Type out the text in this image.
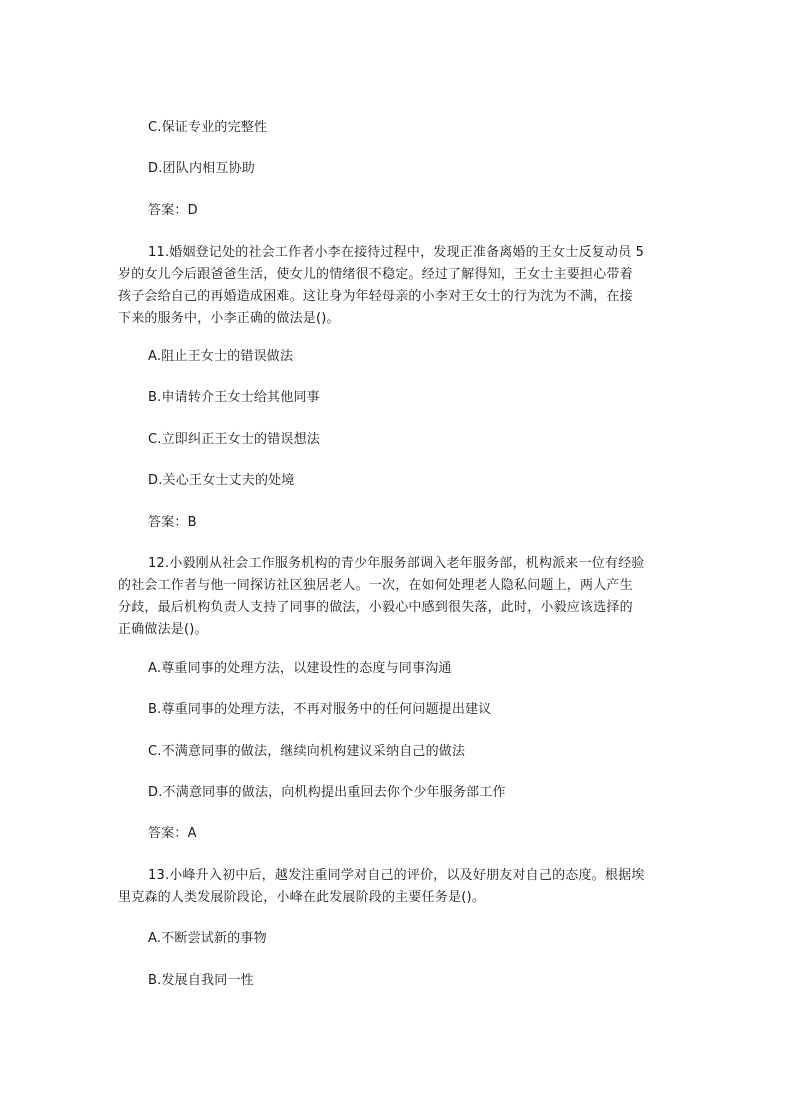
C.保证专业的完整性
D.团队内相互协助
答案：D
11.婚姻登记处的社会工作者小李在接待过程中，发现正准备离婚的王女士反复动员 5
岁的女儿今后跟爸爸生活，使女儿的情绪很不稳定。经过了解得知，王女士主要担心带着
孩子会给自己的再婚造成困难。这让身为年轻母亲的小李对王女士的行为沈为不满，在接
下来的服务中，小李正确的做法是()。
A.阻止王女士的错误做法
B.申请转介王女士给其他同事
C.立即纠正王女士的错误想法
D.关心王女士丈夫的处境
答案：B
12.小毅刚从社会工作服务机构的青少年服务部调入老年服务部，机构派来一位有经验
的社会工作者与他一同探访社区独居老人。一次，在如何处理老人隐私问题上，两人产生
分歧，最后机构负责人支持了同事的做法，小毅心中感到很失落，此时，小毅应该选择的
正确做法是()。
A.尊重同事的处理方法，以建设性的态度与同事沟通
B.尊重同事的处理方法，不再对服务中的任何问题提出建议
C.不满意同事的做法，继续向机构建议采纳自己的做法
D.不满意同事的做法，向机构提出重回去你个少年服务部工作
答案：A
13.小峰升入初中后，越发注重同学对自己的评价，以及好朋友对自己的态度。根据埃
里克森的人类发展阶段论，小峰在此发展阶段的主要任务是()。
A.不断尝试新的事物
B.发展自我同一性
